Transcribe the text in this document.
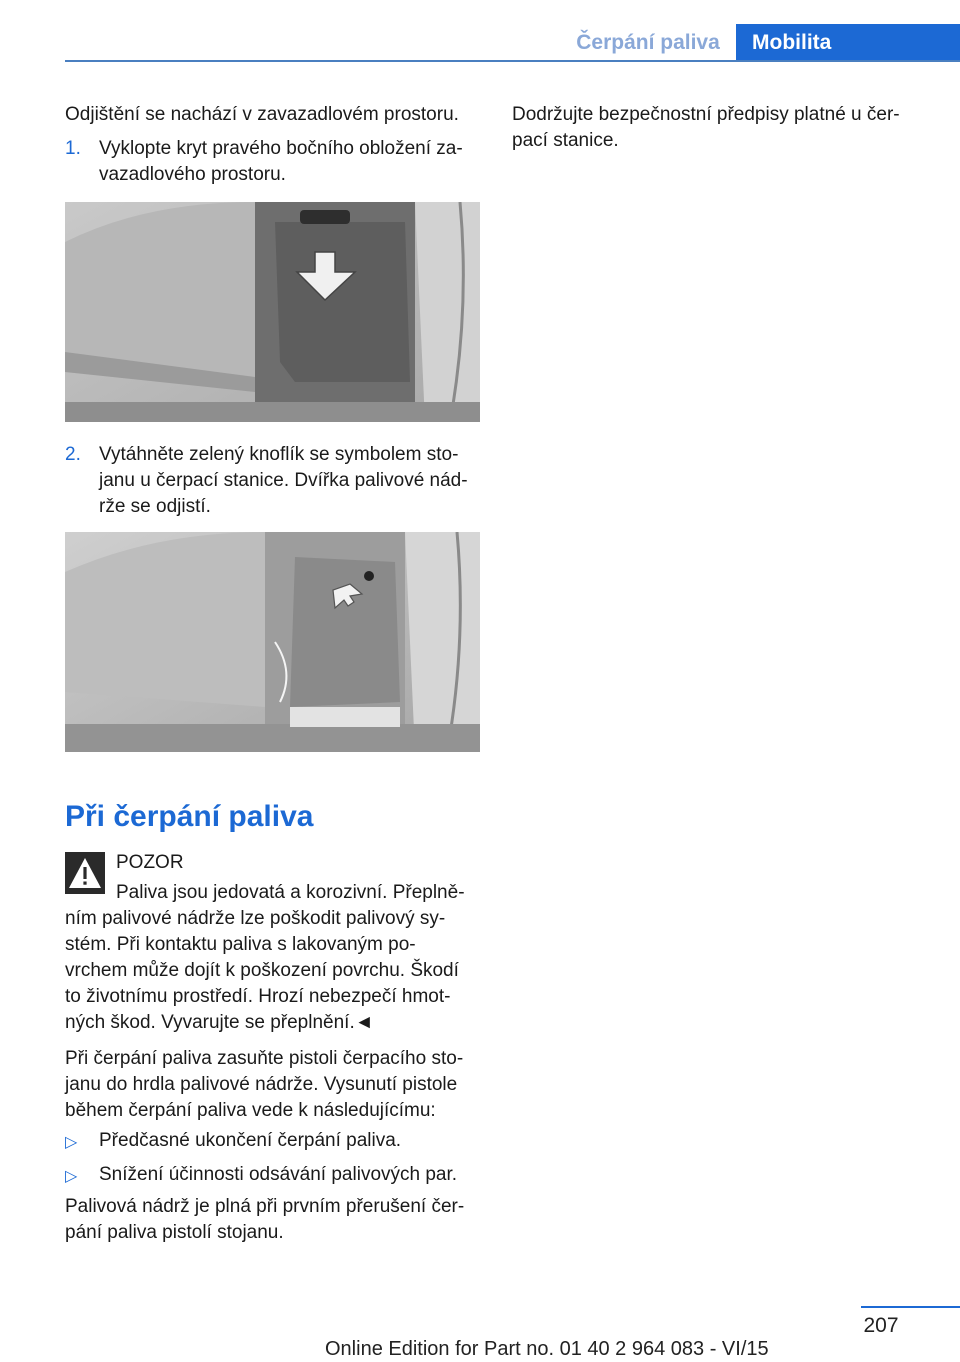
Čerpání paliva	Mobilita
Odjištění se nachází v zavazadlovém prostoru.
1. Vyklopte kryt pravého bočního obložení za‐
vazadlového prostoru.
2. Vytáhněte zelený knoflík se symbolem sto‐
janu u čerpací stanice. Dvířka palivové nád‐
rže se odjistí.
Při čerpání paliva
POZOR
Paliva jsou jedovatá a korozivní. Přeplně‐
ním palivové nádrže lze poškodit palivový sy‐
stém. Při kontaktu paliva s lakovaným po‐
vrchem může dojít k poškození povrchu. Škodí
to životnímu prostředí. Hrozí nebezpečí hmot‐
ných škod. Vyvarujte se přeplnění.◄
Při čerpání paliva zasuňte pistoli čerpacího sto‐
janu do hrdla palivové nádrže. Vysunutí pistole
během čerpání paliva vede k následujícímu:
▷ Předčasné ukončení čerpání paliva.
▷ Snížení účinnosti odsávání palivových par.
Palivová nádrž je plná při prvním přerušení čer‐
pání paliva pistolí stojanu.
Dodržujte bezpečnostní předpisy platné u čer‐
pací stanice.
207
Online Edition for Part no. 01 40 2 964 083 - VI/15
